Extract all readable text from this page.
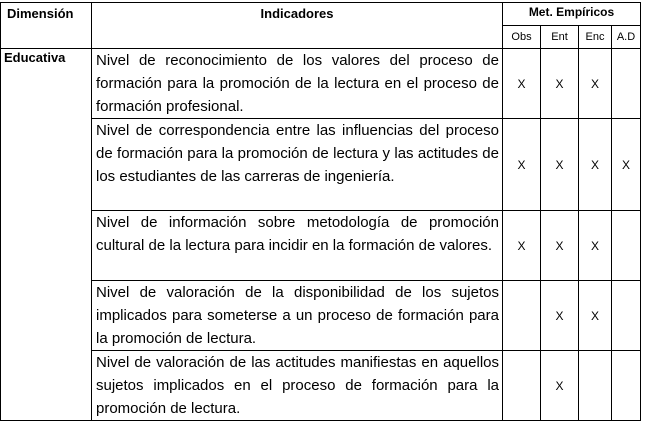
Dimensión	Indicadores	Met. Empíricos			
		Obs	Ent	Enc	A.D
Educativa	Nivel de reconocimiento de los valores del proceso de formación para la promoción de la lectura en el proceso de formación profesional.	X	X	X	
	Nivel de correspondencia entre las influencias del proceso de formación para la promoción de lectura y las actitudes de los estudiantes de las carreras de ingeniería.	X	X	X	X
	Nivel de información sobre metodología de promoción cultural de la lectura para incidir en la formación de valores.	X	X	X	
	Nivel de valoración de la disponibilidad de los sujetos implicados para someterse a un proceso de formación para la promoción de lectura.		X	X	
	Nivel de valoración de las actitudes manifiestas en aquellos sujetos implicados en el proceso de formación para la promoción de lectura.		X		
